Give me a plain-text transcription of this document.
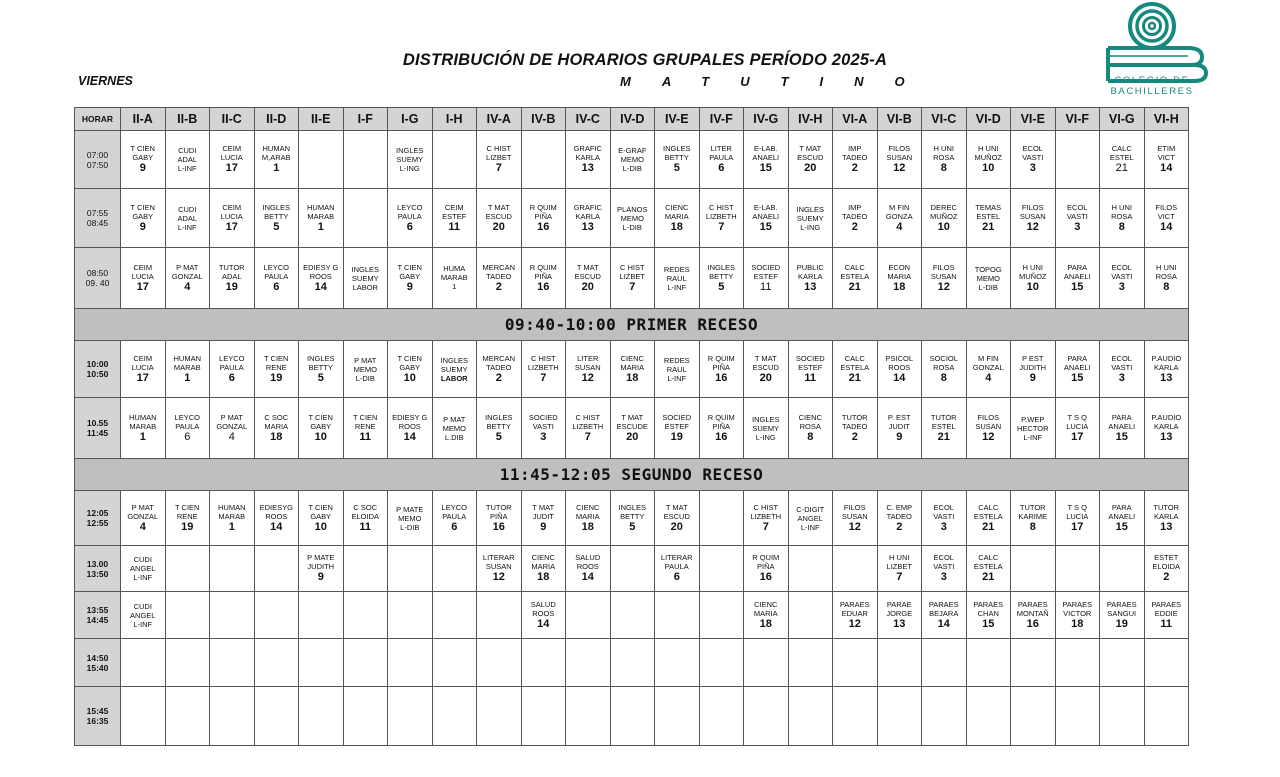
DISTRIBUCIÓN DE HORARIOS GRUPALES PERÍODO 2025-A
VIERNES	MATUTINO	COLEGIO DE BACHILLERES
HORAR	II-A	II-B	II-C	II-D	II-E	I-F	I-G	I-H	IV-A	IV-B	IV-C	IV-D	IV-E	IV-F	IV-G	IV-H	VI-A	VI-B	VI-C	VI-D	VI-E	VI-F	VI-G	VI-H

07:00
07:50	T CIEN
GABY
9	CUDI
ADAL
L-INF	CEIM
LUCIA
17	HUMAN
M,ARAB
1			INGLES
SUEMY
L-ING		C HIST
LIZBET
7		GRAFIC
KARLA
13	E-GRAF
MEMO
L-DIB	INGLES
BETTY
5	LITER
PAULA
6	E-LAB.
ANAELI
15	T MAT
ESCUD
20	IMP
TADEO
2	FILOS
SUSAN
12	H UNI
ROSA
8	H UNI
MUÑOZ
10	ECOL
VASTI
3		CALC
ESTEL
21	ETIM
VICT
14

07:55
08:45	T CIEN
GABY
9	CUDI
ADAL
L-INF	CEIM
LUCIA
17	INGLES
BETTY
5	HUMAN
MARAB
1		LEYCO
PAULA
6	CEIM
ESTEF
11	T MAT
ESCUD
20	R QUIM
PIÑA
16	GRAFIC
KARLA
13	PLANOS
MEMO
L-DIB	CIENC
MARIA
18	C HIST
LIZBETH
7	E-LAB.
ANAELI
15	INGLES
SUEMY
L-ING	IMP
TADEO
2	M FIN
GONZA
4	DEREC
MUÑOZ
10	TEMAS
ESTEL
21	FILOS
SUSAN
12	ECOL
VASTI
3	H UNI
ROSA
8	FILOS
VICT
14

08:50
09. 40	CEIM
LUCIA
17	P MAT
GONZAL
4	TUTOR
ADAL
19	LEYCO
PAULA
6	EDIESY G
ROOS
14	INGLES
SUEMY
LABOR	T CIEN
GABY
9	HUMA
MARAB
1	MERCAN
TADEO
2	R QUIM
PIÑA
16	T MAT
ESCUD
20	C HIST
LIZBET
7	REDES
RAUL
L-INF	INGLES
BETTY
5	SOCIED
ESTEF
11	PUBLIC
KARLA
13	CALC
ESTELA
21	ECON
MARIA
18	FILOS
SUSAN
12	TOPOG
MEMO
L-DIB	H UNI
MUÑOZ
10	PARA
ANAELI
15	ECOL
VASTI
3	H UNI
ROSA
8

09:40-10:00 PRIMER RECESO																								

10:00
10:50	CEIM
LUCIA
17	HUMAN
MARAB
1	LEYCO
PAULA
6	T CIEN
RENE
19	INGLES
BETTY
5	P MAT
MEMO
L-DIB	T CIEN
GABY
10	INGLES
SUEMY
LABOR	MERCAN
TADEO
2	C HIST
LIZBETH
7	LITER
SUSAN
12	CIENC
MARIA
18	REDES
RAUL
L-INF	R QUIM
PIÑA
16	T MAT
ESCUD
20	SOCIED
ESTEF
11	CALC
ESTELA
21	PSICOL
ROOS
14	SOCIOL
ROSA
8	M FIN
GONZAL
4	P EST
JUDITH
9	PARA
ANAELI
15	ECOL
VASTI
3	P.AUDIO
KARLA
13

10.55
11:45	HUMAN
MARAB
1	LEYCO
PAULA
6	P MAT
GONZAL
4	C SOC
MARIA
18	T CIEN
GABY
10	T CIEN
RENE
11	EDIESY G
ROOS
14	P MAT
MEMO
L.DIB	INGLES
BETTY
5	SOCIED
VASTI
3	C HIST
LIZBETH
7	T MAT
ESCUDE
20	SOCIED
ESTEF
19	R QUIM
PIÑA
16	INGLES
SUEMY
L-ING	CIENC
ROSA
8	TUTOR
TADEO
2	P. EST
JUDIT
9	TUTOR
ESTEL
21	FILOS
SUSAN
12	P.WEP
HECTOR
L-INF	T S Q
LUCIA
17	PARA
ANAELI
15	P.AUDIO
KARLA
13

11:45-12:05 SEGUNDO RECESO																								

12:05
12:55	P MAT
GONZAL
4	T CIEN
RENE
19	HUMAN
MARAB
1	EDIESYG
ROOS
14	T CIEN
GABY
10	C SOC
ELOIDA
11	P MATE
MEMO
L-DIB	LEYCO
PAULA
6	TUTOR
PIÑA
16	T MAT
JUDIT
9	CIENC
MARIA
18	INGLES
BETTY
5	T MAT
ESCUD
20		C HIST
LIZBETH
7	C-DIGIT
ANGEL
L-INF	FILOS
SUSAN
12	C. EMP
TADEO
2	ECOL
VASTI
3	CALC
ESTELA
21	TUTOR
KARIME
8	T S Q
LUCIA
17	PARA
ANAELI
15	TUTOR
KARLA
13

13.00
13:50	CUDI
ANGEL
L-INF				P MATE
JUDITH
9				LITERAR
SUSAN
12	CIENC
MARIA
18	SALUD
ROOS
14		LITERAR
PAULA
6		R QUIM
PIÑA
16			H UNI
LIZBET
7	ECOL
VASTI
3	CALC
ESTELA
21				ESTET
ELOIDA
2

13:55
14:45	CUDI
ANGEL
L-INF									SALUD
ROOS
14					CIENC
MARIA
18		PARAES
EDUAR
12	PARAE
JORGE
13	PARAES
BEJARA
14	PARAES
CHAN
15	PARAES
MONTAÑ
16	PARAES
VICTOR
18	PARAES
SANGUI
19	PARAES
EDDIE
11

14:50
15:40																								

15:45
16:35																								
